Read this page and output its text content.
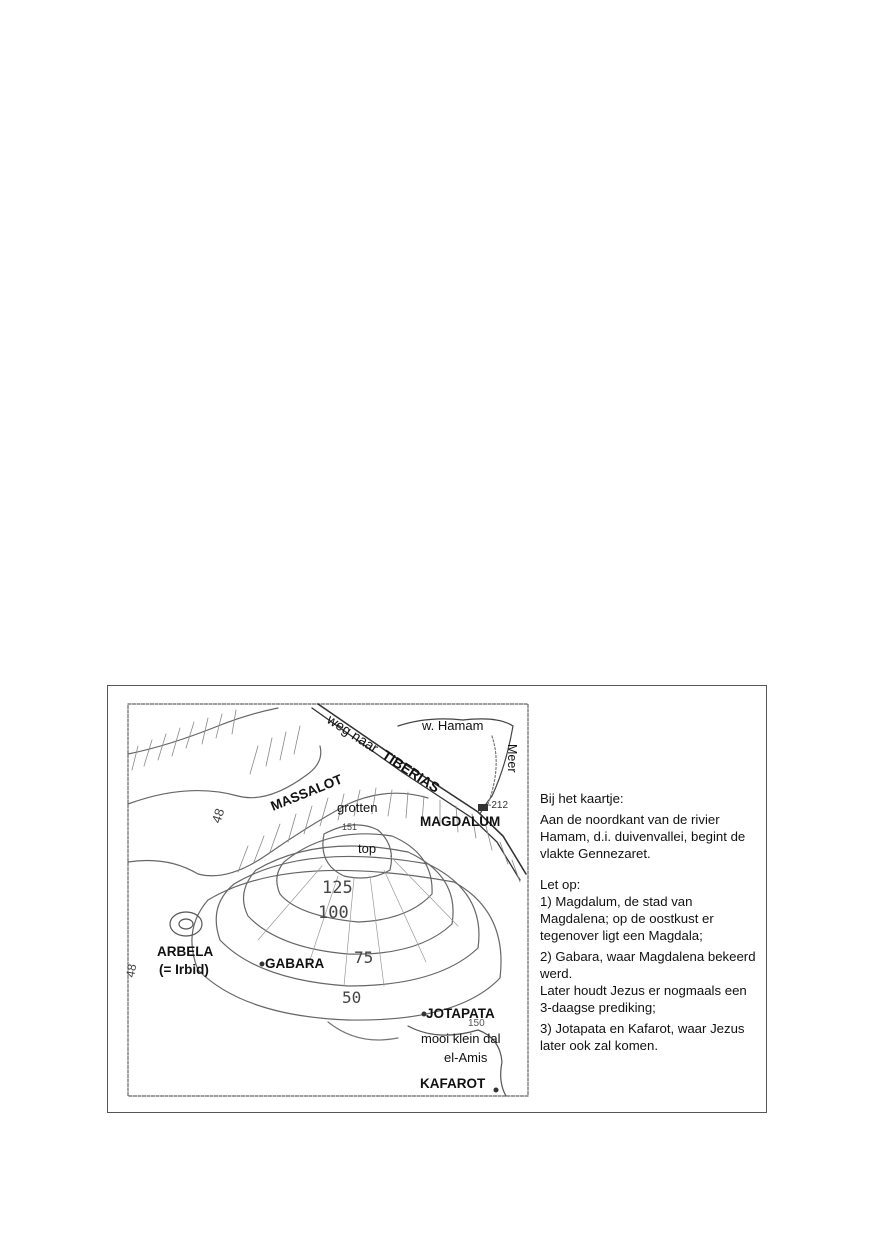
weg naar TIBERIAS
MASSALOT
Meer
48
48
w. Hamam
-212
MAGDALUM
grotten
151
top
125
100
75
50
ARBELA
(= Irbid)	GABARA
JOTAPATA
150
mooi klein dal
el-Amis
KAFAROT

Bij het kaartje:

Aan de noordkant van de rivier Hamam, d.i. duivenvallei, begint de vlakte Gennezaret.

Let op:

1) Magdalum, de stad van Magdalena; op de oostkust er tegenover ligt een Magdala;

2) Gabara, waar Magdalena bekeerd werd.

Later houdt Jezus er nogmaals een 3-daagse prediking;

3) Jotapata en Kafarot, waar Jezus later ook zal komen.
